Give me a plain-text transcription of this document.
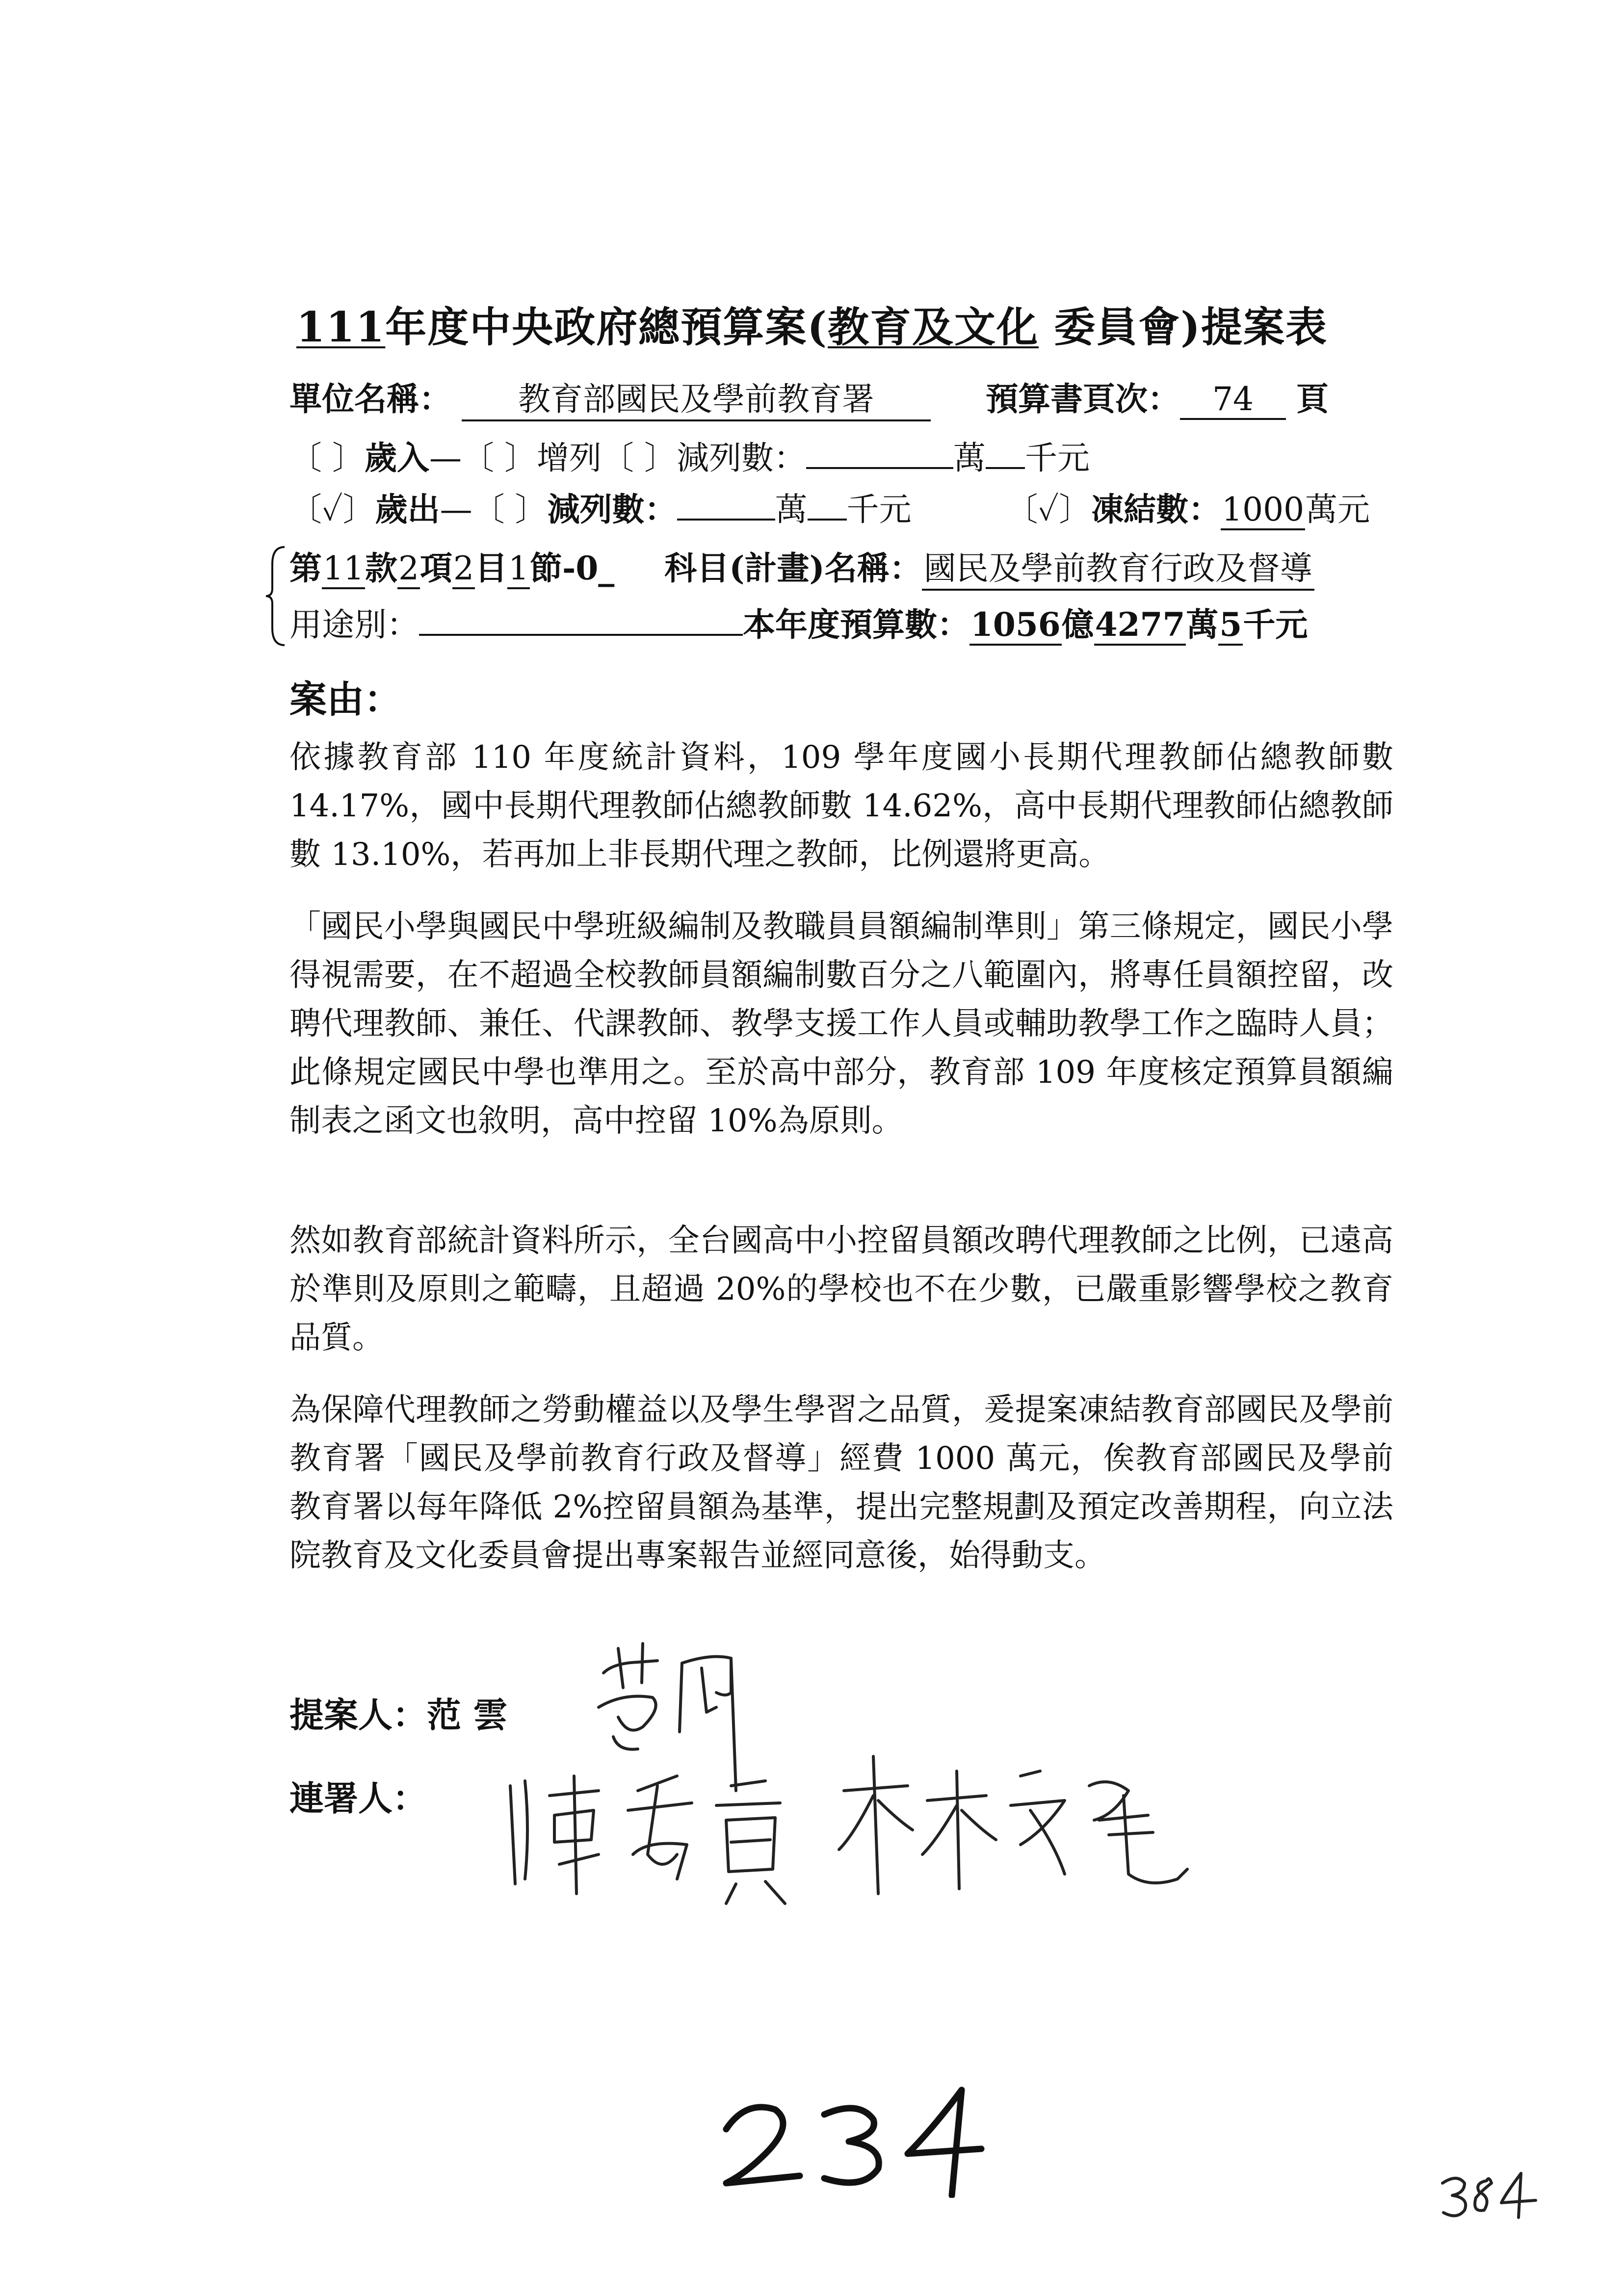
111年度中央政府總預算案(教育及文化 委員會)提案表
單位名稱： 教育部國民及學前教育署	預算書頁次： 74 頁
〔 〕歲入—〔 〕增列〔 〕減列數：	萬 千元
〔✓〕歲出—〔 〕減列數：	萬 千元	〔✓〕凍結數：1000萬元
第11款2項2目1節-0_ 科目(計畫)名稱：國民及學前教育行政及督導
用途別：	本年度預算數：1056億4277萬5千元
案由：
依據教育部 110 年度統計資料，109 學年度國小長期代理教師佔總教師數 14.17%，國中長期代理教師佔總教師數 14.62%，高中長期代理教師佔總教師數 13.10%，若再加上非長期代理之教師，比例還將更高。
「國民小學與國民中學班級編制及教職員員額編制準則」第三條規定，國民小學得視需要，在不超過全校教師員額編制數百分之八範圍內，將專任員額控留，改聘代理教師、兼任、代課教師、教學支援工作人員或輔助教學工作之臨時人員；此條規定國民中學也準用之。至於高中部分，教育部 109 年度核定預算員額編制表之函文也敘明，高中控留 10%為原則。
然如教育部統計資料所示，全台國高中小控留員額改聘代理教師之比例，已遠高於準則及原則之範疇，且超過 20%的學校也不在少數，已嚴重影響學校之教育品質。
為保障代理教師之勞動權益以及學生學習之品質，爰提案凍結教育部國民及學前教育署「國民及學前教育行政及督導」經費 1000 萬元，俟教育部國民及學前教育署以每年降低 2%控留員額為基準，提出完整規劃及預定改善期程，向立法院教育及文化委員會提出專案報告並經同意後，始得動支。
提案人：范 雲
連署人：
